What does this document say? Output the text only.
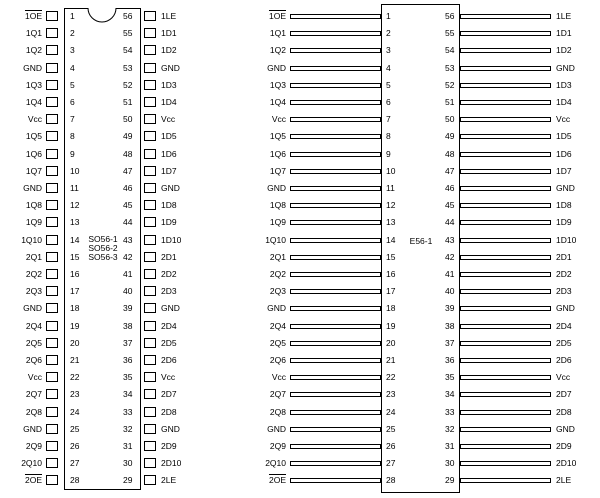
SO56-1
SO56-2
SO56-3
E56-1
1OE	1	1OE	1
1Q1	2	1Q1	2
1Q2	3	1Q2	3
GND	4	GND	4
1Q3	5	1Q3	5
1Q4	6	1Q4	6
Vcc	7	Vcc	7
1Q5	8	1Q5	8
1Q6	9	1Q6	9
1Q7	10	1Q7	10
GND	11	GND	11
1Q8	12	1Q8	12
1Q9	13	1Q9	13
1Q10	14	1Q10	14
2Q1	15	2Q1	15
2Q2	16	2Q2	16
2Q3	17	2Q3	17
GND	18	GND	18
2Q4	19	2Q4	19
2Q5	20	2Q5	20
2Q6	21	2Q6	21
Vcc	22	Vcc	22
2Q7	23	2Q7	23
2Q8	24	2Q8	24
GND	25	GND	25
2Q9	26	2Q9	26
2Q10	27	2Q10	27
2OE	28	2OE	28
56	1LE	56	1LE
55	1D1	55	1D1
54	1D2	54	1D2
53	GND	53	GND
52	1D3	52	1D3
51	1D4	51	1D4
50	Vcc	50	Vcc
49	1D5	49	1D5
48	1D6	48	1D6
47	1D7	47	1D7
46	GND	46	GND
45	1D8	45	1D8
44	1D9	44	1D9
43	1D10	43	1D10
42	2D1	42	2D1
41	2D2	41	2D2
40	2D3	40	2D3
39	GND	39	GND
38	2D4	38	2D4
37	2D5	37	2D5
36	2D6	36	2D6
35	Vcc	35	Vcc
34	2D7	34	2D7
33	2D8	33	2D8
32	GND	32	GND
31	2D9	31	2D9
30	2D10	30	2D10
29	2LE	29	2LE
